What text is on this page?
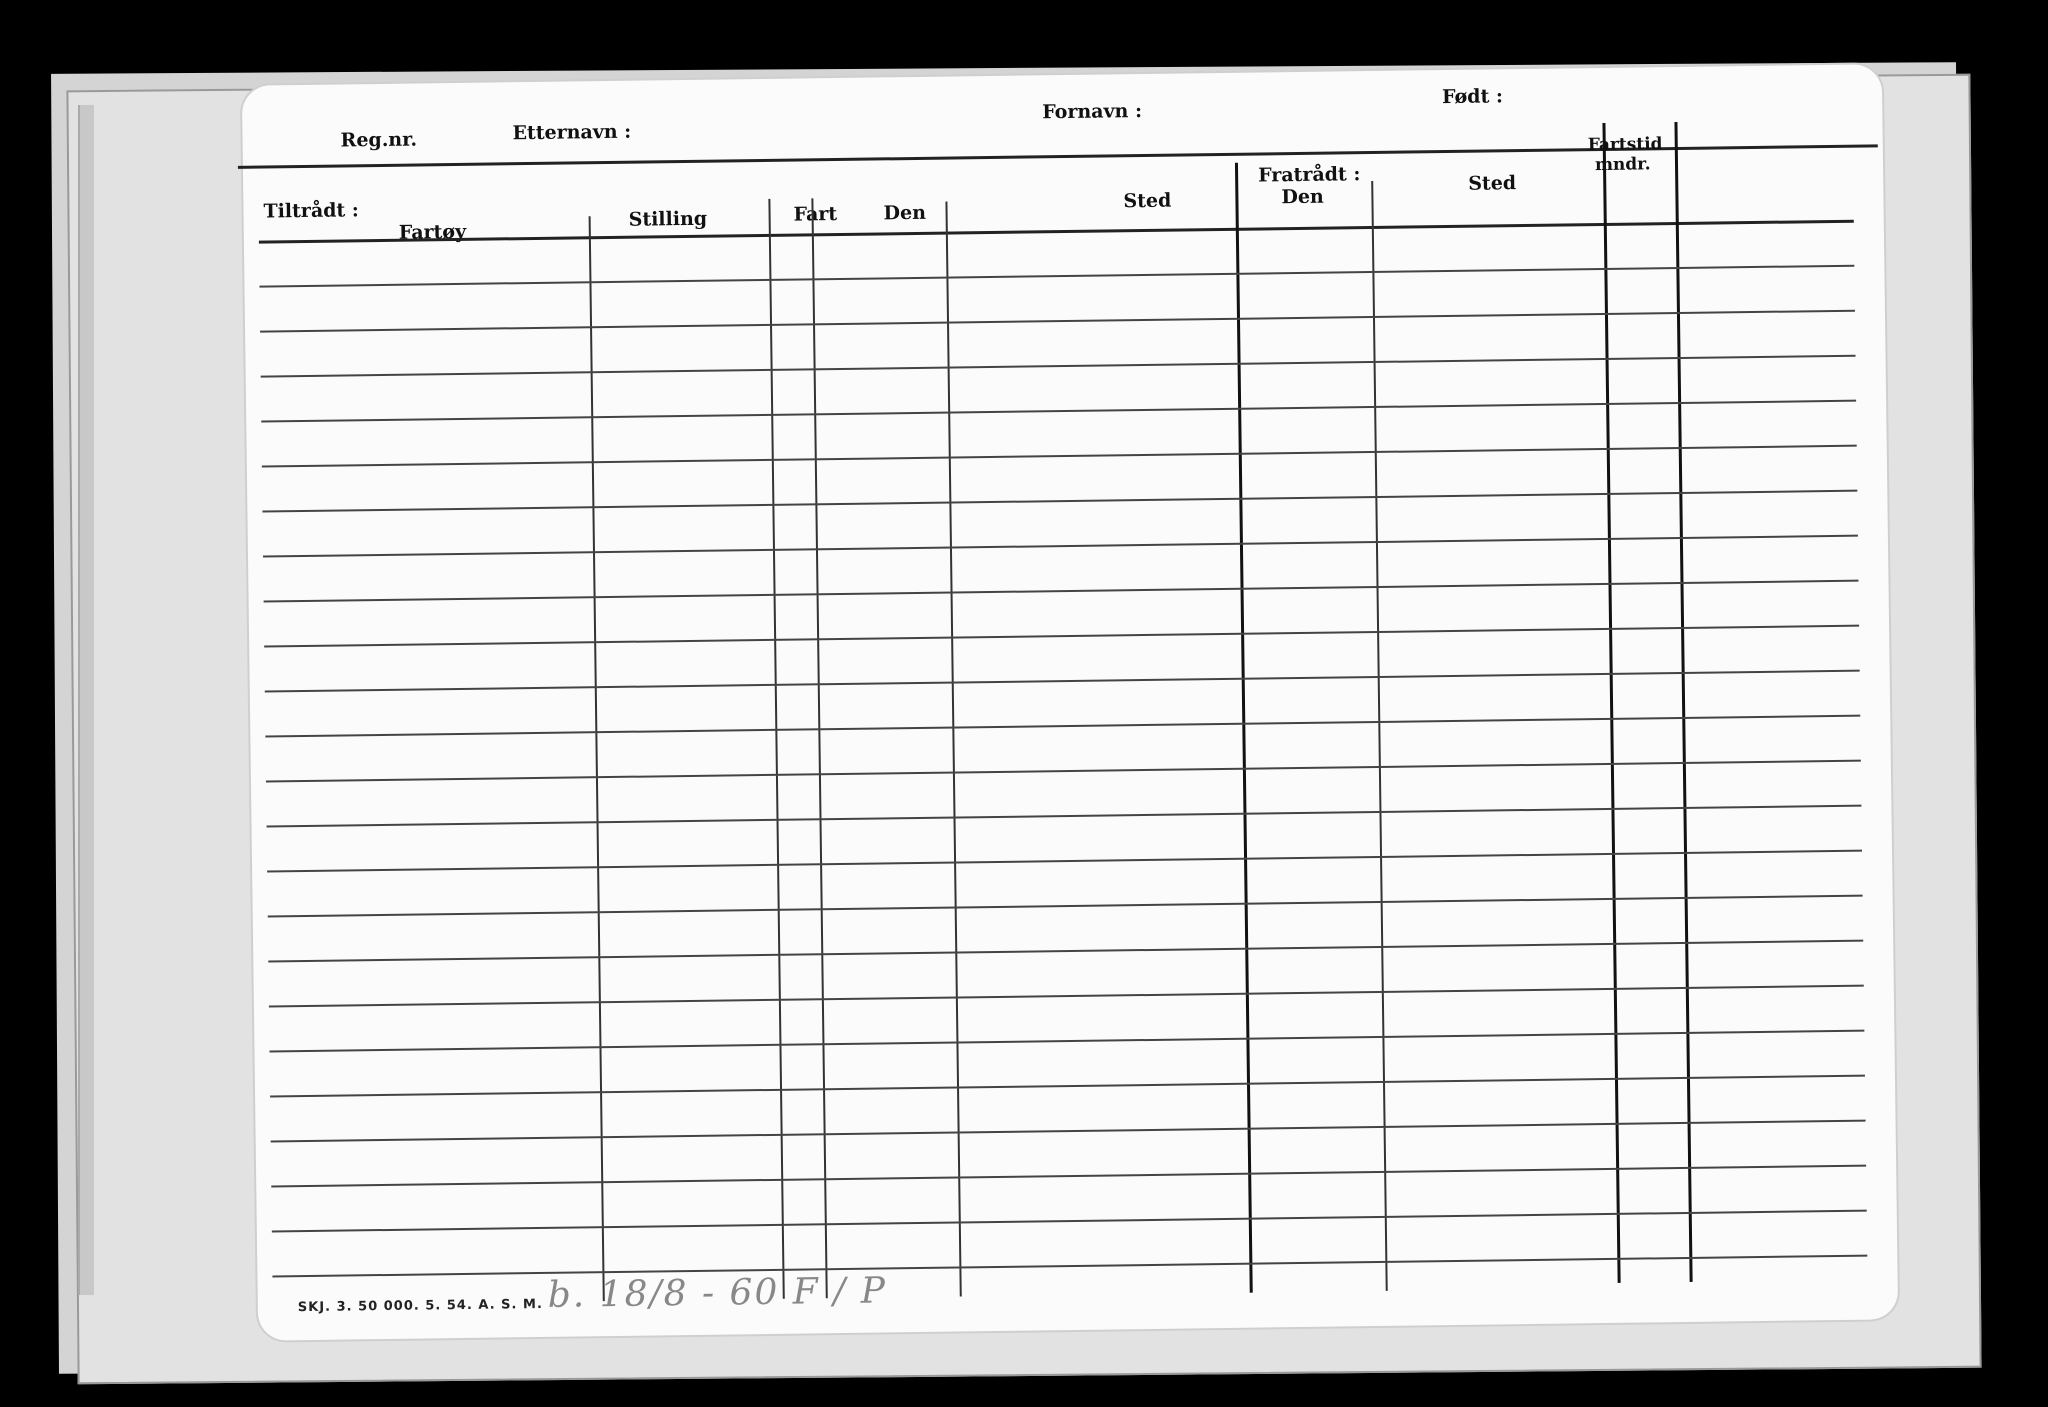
Reg.nr.	Etternavn :
Fornavn :
Født :
Tiltrådt :
Fartøy
Stilling	Fart Den
Sted
Fratrådt :
Den
Sted
Fartstid
mndr.
SKJ. 3. 50 000. 5. 54. A. S. M. b. 18/8 - 60 F / P
